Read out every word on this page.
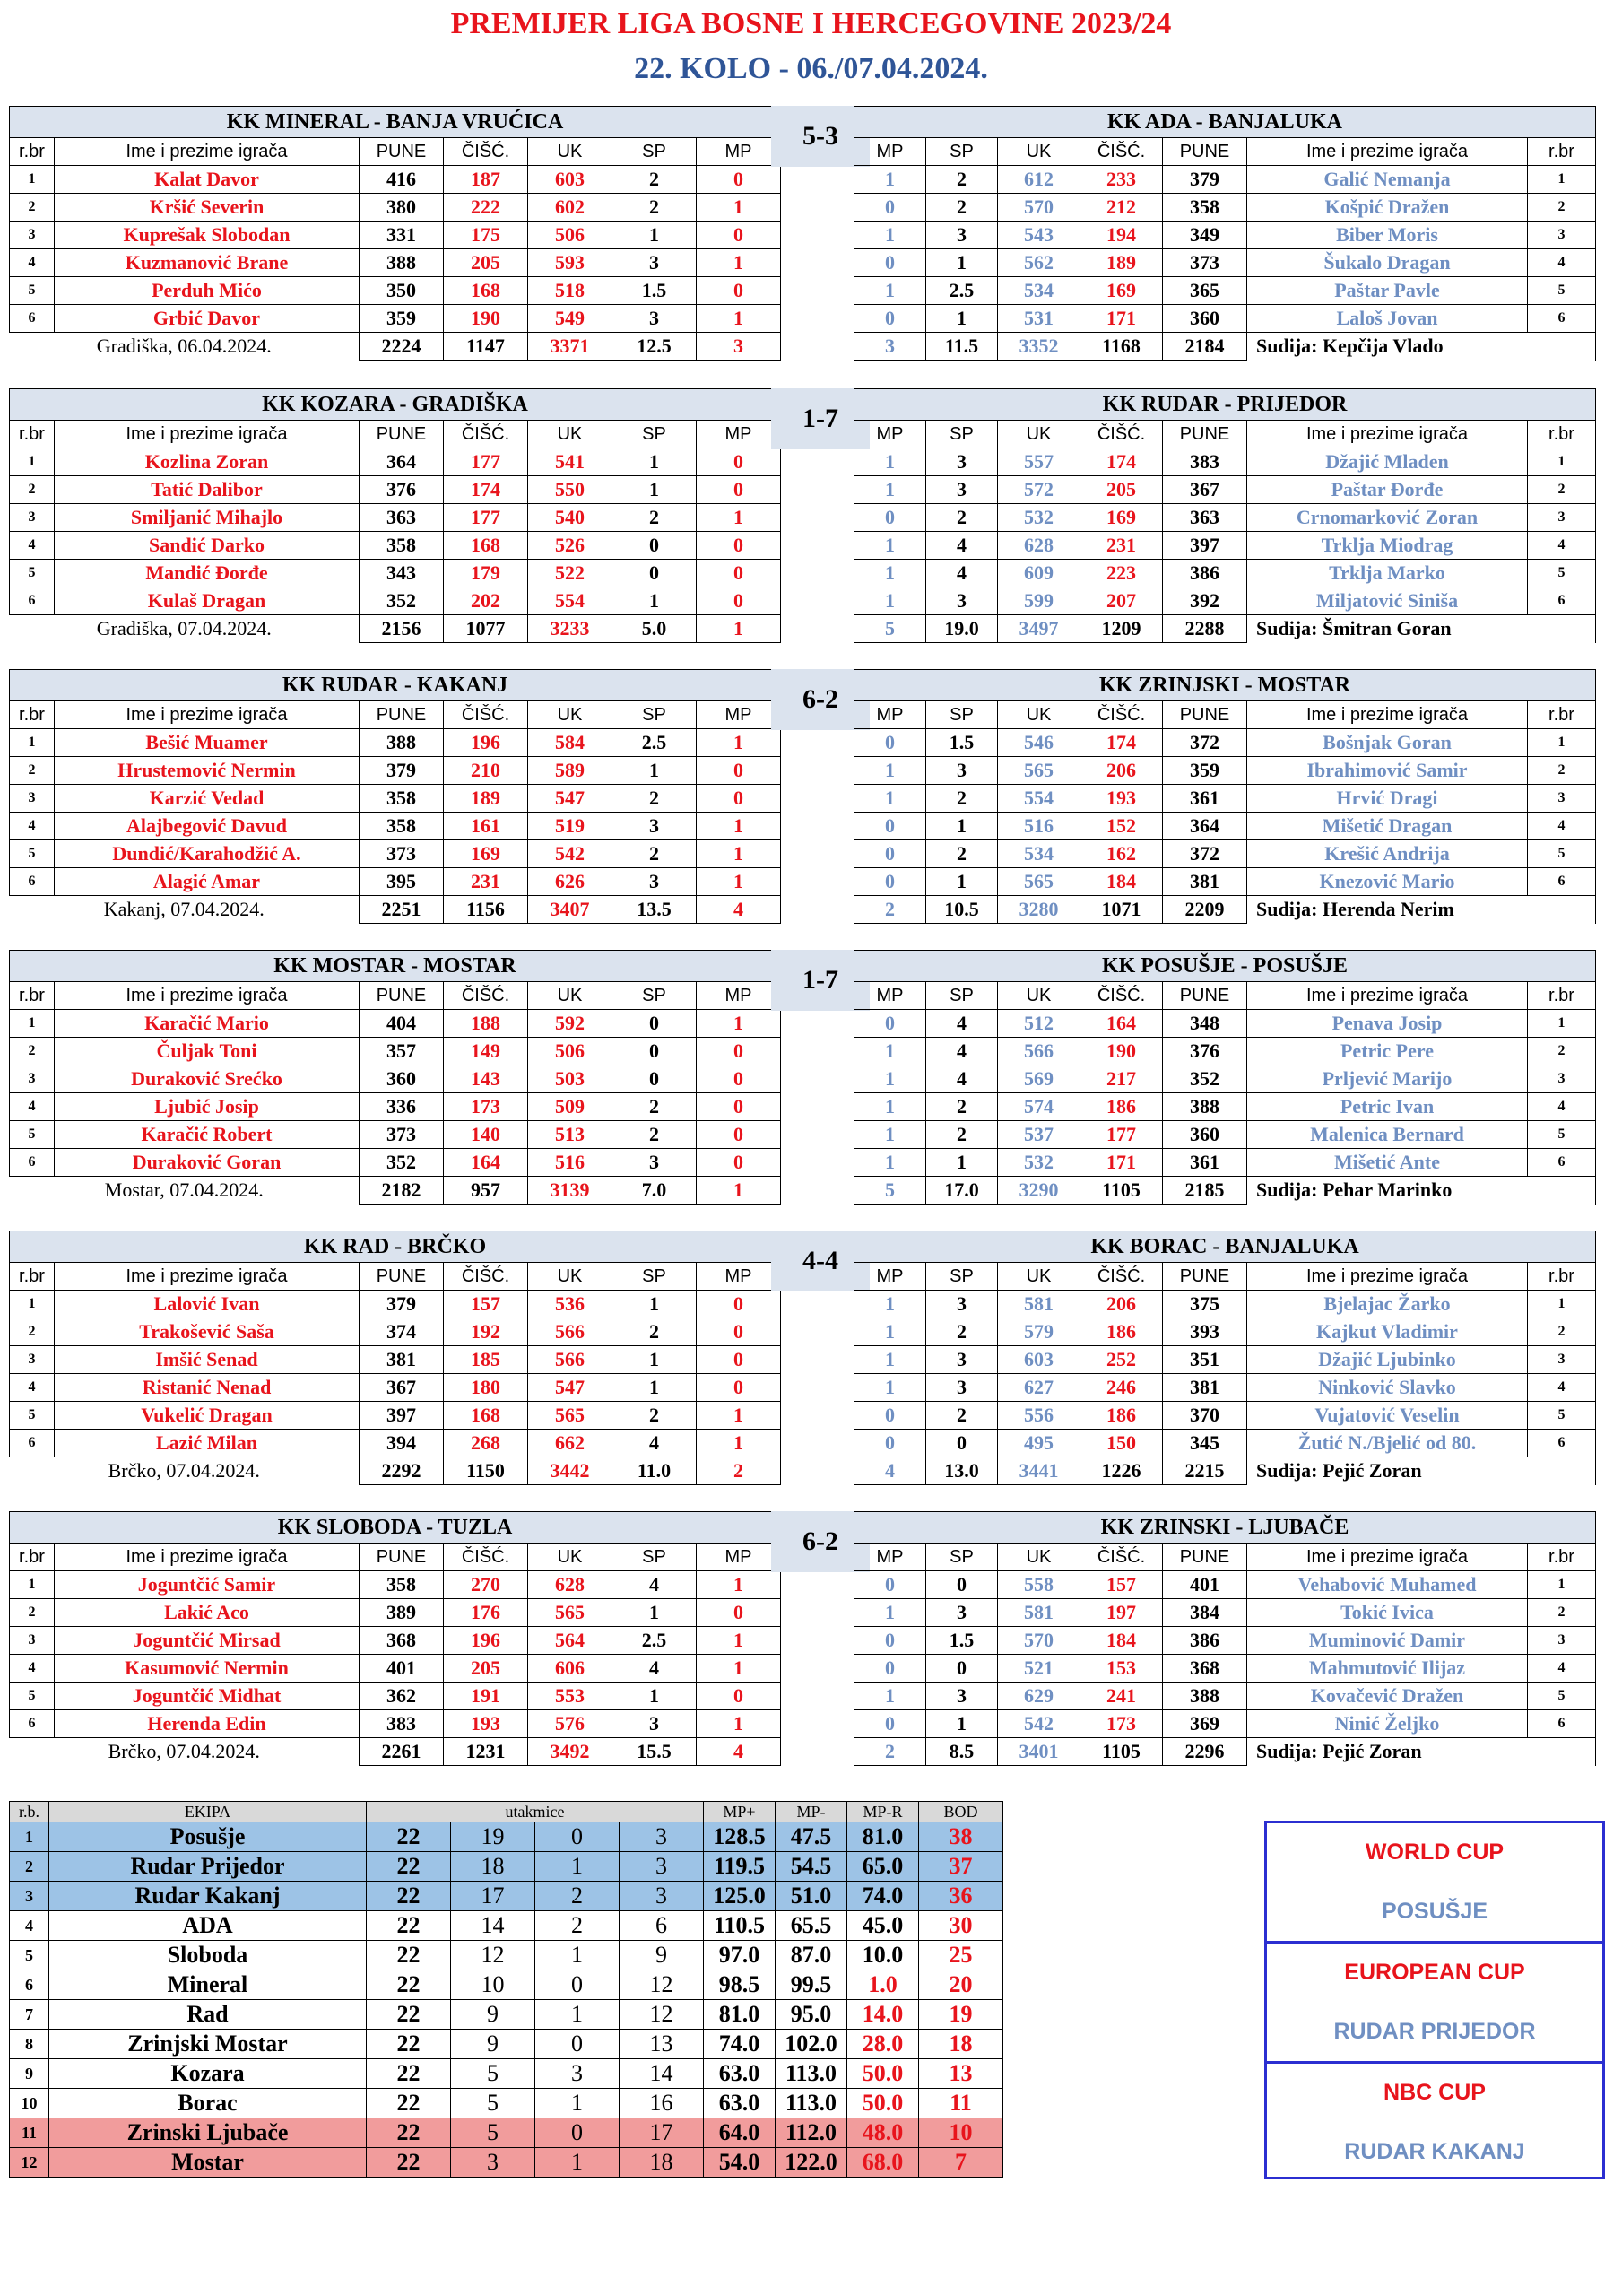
PREMIJER LIGA BOSNE I HERCEGOVINE 2023/24
22. KOLO - 06./07.04.2024.
KK MINERAL - BANJA VRUĆICA						
r.br	Ime i prezime igrača	PUNE	ČIŠĆ.	UK	SP	MP
1	Kalat Davor	416	187	603	2	0
2	Kršić Severin	380	222	602	2	1
3	Kuprešak Slobodan	331	175	506	1	0
4	Kuzmanović Brane	388	205	593	3	1
5	Perduh Mićo	350	168	518	1.5	0
6	Grbić Davor	359	190	549	3	1
Gradiška, 06.04.2024.		2224	1147	3371	12.5	3
5-3	KK ADA - BANJALUKA						
MP	SP	UK	ČIŠĆ.	PUNE	Ime i prezime igrača	r.br
1	2	612	233	379	Galić Nemanja	1
0	2	570	212	358	Košpić Dražen	2
1	3	543	194	349	Biber Moris	3
0	1	562	189	373	Šukalo Dragan	4
1	2.5	534	169	365	Paštar Pavle	5
0	1	531	171	360	Laloš Jovan	6
3	11.5	3352	1168	2184	Sudija: Kepčija Vlado	
KK KOZARA - GRADIŠKA						
r.br	Ime i prezime igrača	PUNE	ČIŠĆ.	UK	SP	MP
1	Kozlina Zoran	364	177	541	1	0
2	Tatić Dalibor	376	174	550	1	0
3	Smiljanić Mihajlo	363	177	540	2	1
4	Sandić Darko	358	168	526	0	0
5	Mandić Đorđe	343	179	522	0	0
6	Kulaš Dragan	352	202	554	1	0
Gradiška, 07.04.2024.		2156	1077	3233	5.0	1
1-7	KK RUDAR - PRIJEDOR						
MP	SP	UK	ČIŠĆ.	PUNE	Ime i prezime igrača	r.br
1	3	557	174	383	Džajić Mladen	1
1	3	572	205	367	Paštar Đorđe	2
0	2	532	169	363	Crnomarković Zoran	3
1	4	628	231	397	Trklja Miodrag	4
1	4	609	223	386	Trklja Marko	5
1	3	599	207	392	Miljatović Siniša	6
5	19.0	3497	1209	2288	Sudija: Šmitran Goran	
KK RUDAR - KAKANJ						
r.br	Ime i prezime igrača	PUNE	ČIŠĆ.	UK	SP	MP
1	Bešić Muamer	388	196	584	2.5	1
2	Hrustemović Nermin	379	210	589	1	0
3	Karzić Vedad	358	189	547	2	0
4	Alajbegović Davud	358	161	519	3	1
5	Dundić/Karahodžić A.	373	169	542	2	1
6	Alagić Amar	395	231	626	3	1
Kakanj, 07.04.2024.		2251	1156	3407	13.5	4
6-2	KK ZRINJSKI - MOSTAR						
MP	SP	UK	ČIŠĆ.	PUNE	Ime i prezime igrača	r.br
0	1.5	546	174	372	Bošnjak Goran	1
1	3	565	206	359	Ibrahimović Samir	2
1	2	554	193	361	Hrvić Dragi	3
0	1	516	152	364	Mišetić Dragan	4
0	2	534	162	372	Krešić Andrija	5
0	1	565	184	381	Knezović Mario	6
2	10.5	3280	1071	2209	Sudija: Herenda Nerim	
KK MOSTAR - MOSTAR						
r.br	Ime i prezime igrača	PUNE	ČIŠĆ.	UK	SP	MP
1	Karačić Mario	404	188	592	0	1
2	Čuljak Toni	357	149	506	0	0
3	Duraković Srećko	360	143	503	0	0
4	Ljubić Josip	336	173	509	2	0
5	Karačić Robert	373	140	513	2	0
6	Duraković Goran	352	164	516	3	0
Mostar, 07.04.2024.		2182	957	3139	7.0	1
1-7	KK POSUŠJE - POSUŠJE						
MP	SP	UK	ČIŠĆ.	PUNE	Ime i prezime igrača	r.br
0	4	512	164	348	Penava Josip	1
1	4	566	190	376	Petric Pere	2
1	4	569	217	352	Prljević Marijo	3
1	2	574	186	388	Petric Ivan	4
1	2	537	177	360	Malenica Bernard	5
1	1	532	171	361	Mišetić Ante	6
5	17.0	3290	1105	2185	Sudija: Pehar Marinko	
KK RAD - BRČKO						
r.br	Ime i prezime igrača	PUNE	ČIŠĆ.	UK	SP	MP
1	Lalović Ivan	379	157	536	1	0
2	Trakošević Saša	374	192	566	2	0
3	Imšić Senad	381	185	566	1	0
4	Ristanić Nenad	367	180	547	1	0
5	Vukelić Dragan	397	168	565	2	1
6	Lazić Milan	394	268	662	4	1
Brčko, 07.04.2024.		2292	1150	3442	11.0	2
4-4	KK BORAC - BANJALUKA						
MP	SP	UK	ČIŠĆ.	PUNE	Ime i prezime igrača	r.br
1	3	581	206	375	Bjelajac Žarko	1
1	2	579	186	393	Kajkut Vladimir	2
1	3	603	252	351	Džajić Ljubinko	3
1	3	627	246	381	Ninković Slavko	4
0	2	556	186	370	Vujatović Veselin	5
0	0	495	150	345	Žutić N./Bjelić od 80.	6
4	13.0	3441	1226	2215	Sudija: Pejić Zoran	
KK SLOBODA - TUZLA						
r.br	Ime i prezime igrača	PUNE	ČIŠĆ.	UK	SP	MP
1	Joguntčić Samir	358	270	628	4	1
2	Lakić Aco	389	176	565	1	0
3	Joguntčić Mirsad	368	196	564	2.5	1
4	Kasumović Nermin	401	205	606	4	1
5	Joguntčić Midhat	362	191	553	1	0
6	Herenda Edin	383	193	576	3	1
Brčko, 07.04.2024.		2261	1231	3492	15.5	4
6-2	KK ZRINSKI - LJUBAČE						
MP	SP	UK	ČIŠĆ.	PUNE	Ime i prezime igrača	r.br
0	0	558	157	401	Vehabović Muhamed	1
1	3	581	197	384	Tokić Ivica	2
0	1.5	570	184	386	Muminović Damir	3
0	0	521	153	368	Mahmutović Ilijaz	4
1	3	629	241	388	Kovačević Dražen	5
0	1	542	173	369	Ninić Željko	6
2	8.5	3401	1105	2296	Sudija: Pejić Zoran	
r.b.	EKIPA	utakmice				MP+	MP-	MP-R	BOD
1	Posušje	22	19	0	3	128.5	47.5	81.0	38
2	Rudar Prijedor	22	18	1	3	119.5	54.5	65.0	37
3	Rudar Kakanj	22	17	2	3	125.0	51.0	74.0	36
4	ADA	22	14	2	6	110.5	65.5	45.0	30
5	Sloboda	22	12	1	9	97.0	87.0	10.0	25
6	Mineral	22	10	0	12	98.5	99.5	1.0	20
7	Rad	22	9	1	12	81.0	95.0	14.0	19
8	Zrinjski Mostar	22	9	0	13	74.0	102.0	28.0	18
9	Kozara	22	5	3	14	63.0	113.0	50.0	13
10	Borac	22	5	1	16	63.0	113.0	50.0	11
11	Zrinski Ljubače	22	5	0	17	64.0	112.0	48.0	10
12	Mostar	22	3	1	18	54.0	122.0	68.0	7
WORLD CUP
POSUŠJE
EUROPEAN CUP
RUDAR PRIJEDOR
NBC CUP
RUDAR KAKANJ
